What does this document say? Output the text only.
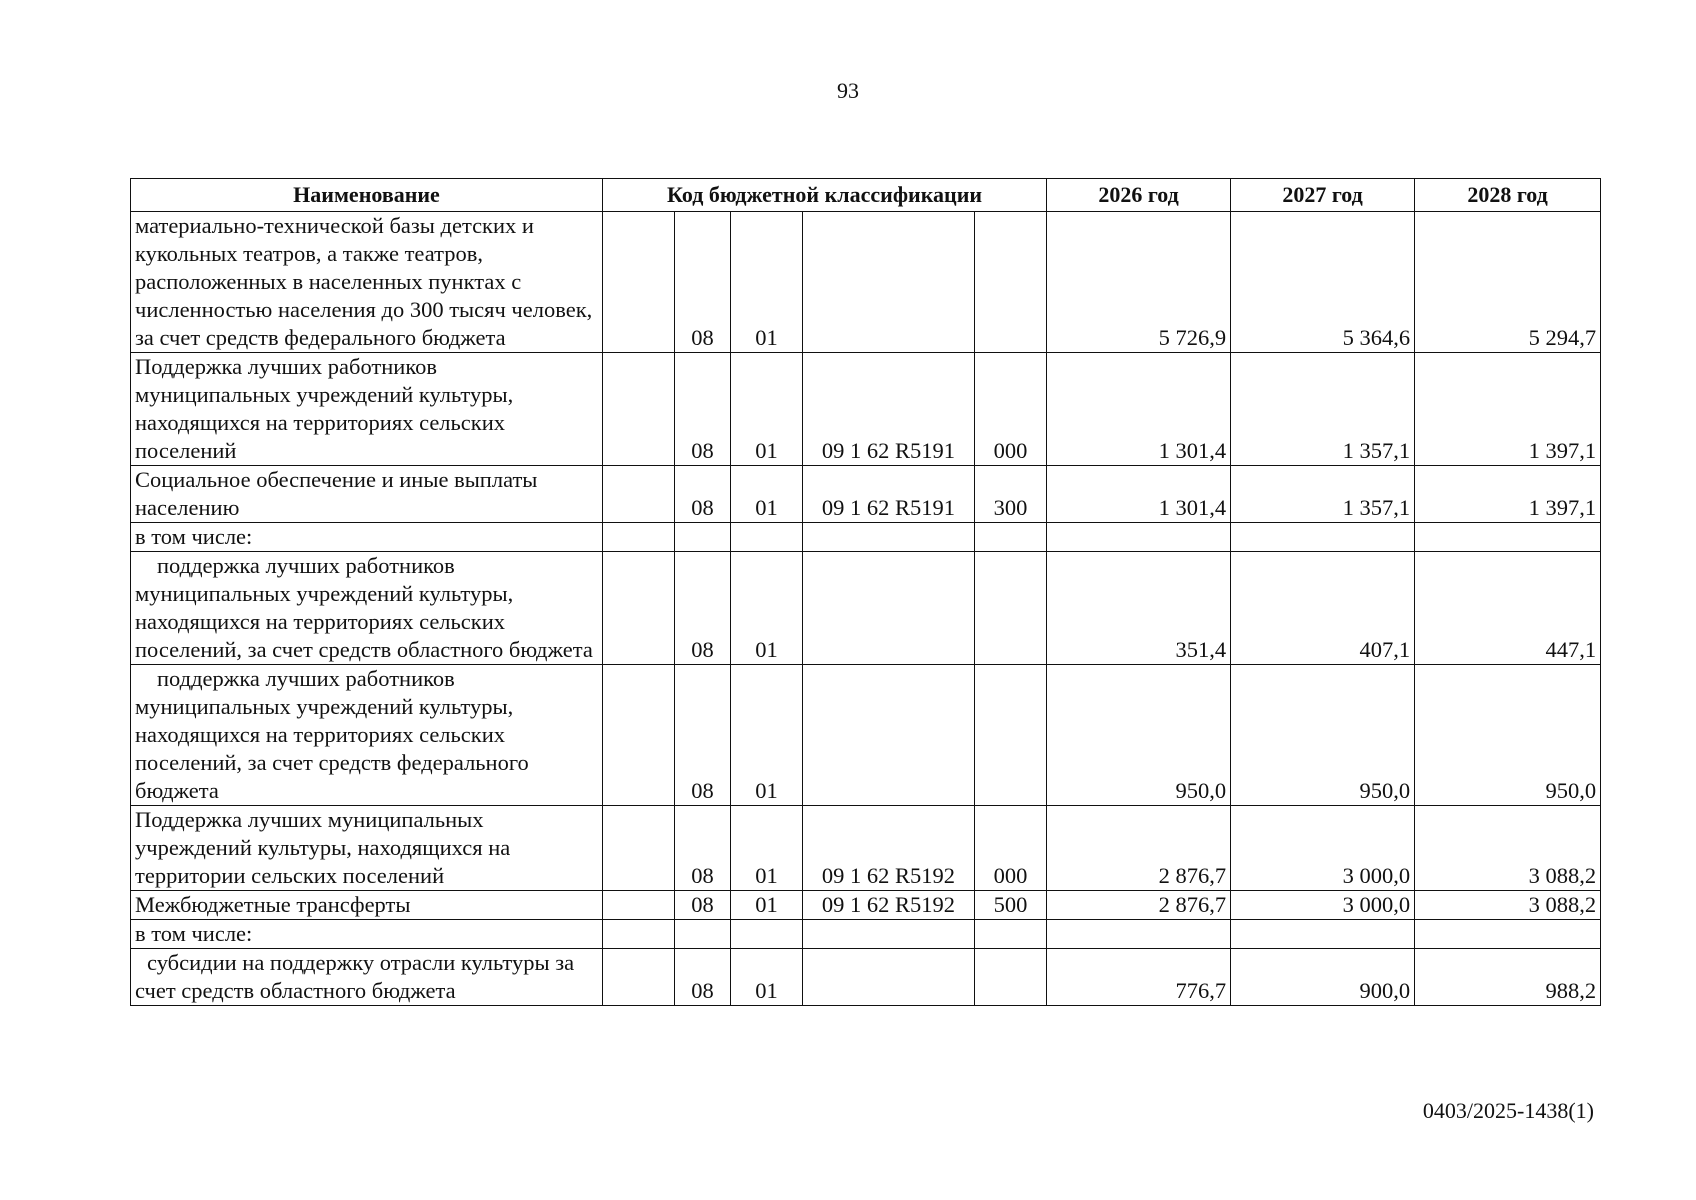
93
Наименование	Код бюджетной классификации					2026 год	2027 год	2028 год
материально-технической базы детских и кукольных театров, а также театров, расположенных в населенных пунктах с численностью населения до 300 тысяч человек, за счет средств федерального бюджета		08	01			5 726,9	5 364,6	5 294,7
Поддержка лучших работников муниципальных учреждений культуры, находящихся на территориях сельских поселений		08	01	09 1 62 R5191	000	1 301,4	1 357,1	1 397,1
Социальное обеспечение и иные выплаты населению		08	01	09 1 62 R5191	300	1 301,4	1 357,1	1 397,1
в том числе:								
поддержка лучших работников муниципальных учреждений культуры, находящихся на территориях сельских поселений, за счет средств областного бюджета		08	01			351,4	407,1	447,1
поддержка лучших работников муниципальных учреждений культуры, находящихся на территориях сельских поселений, за счет средств федерального бюджета		08	01			950,0	950,0	950,0
Поддержка лучших муниципальных учреждений культуры, находящихся на территории сельских поселений		08	01	09 1 62 R5192	000	2 876,7	3 000,0	3 088,2
Межбюджетные трансферты		08	01	09 1 62 R5192	500	2 876,7	3 000,0	3 088,2
в том числе:								
субсидии на поддержку отрасли культуры за счет средств областного бюджета		08	01			776,7	900,0	988,2
0403/2025-1438(1)
